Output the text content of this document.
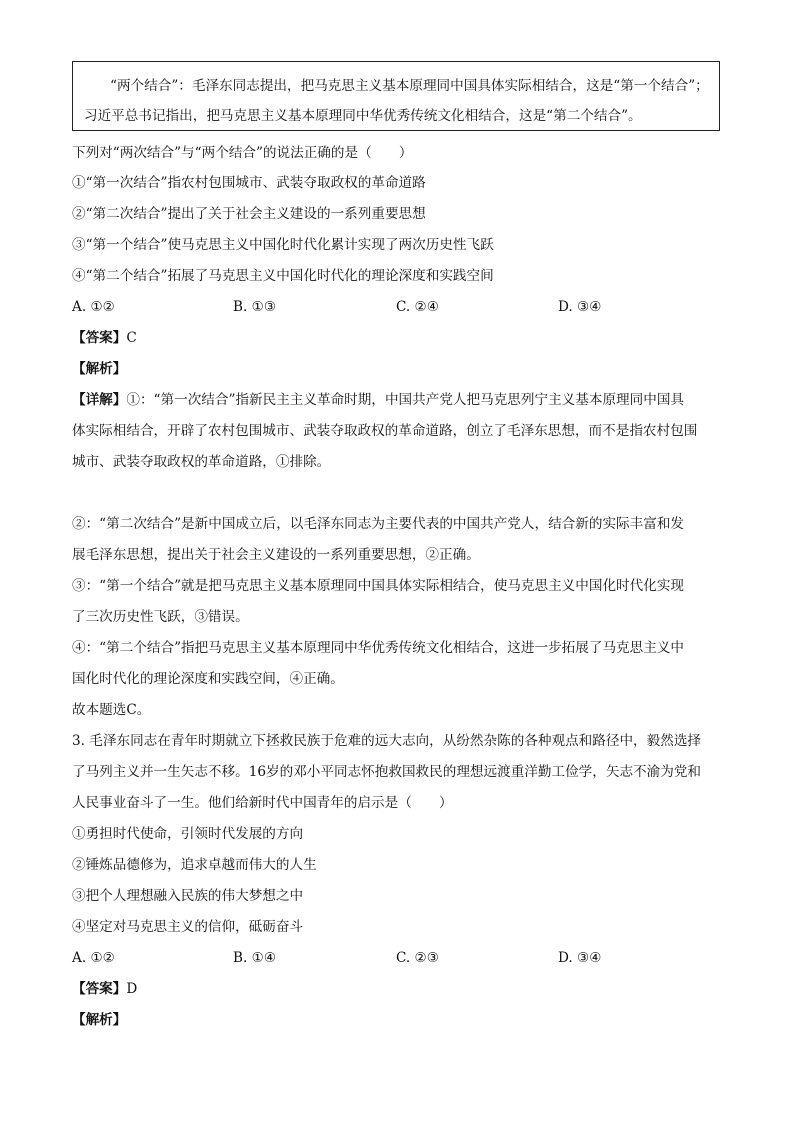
“两个结合”：毛泽东同志提出，把马克思主义基本原理同中国具体实际相结合，这是“第一个结合”；习近平总书记指出，把马克思主义基本原理同中华优秀传统文化相结合，这是“第二个结合”。
下列对“两次结合”与“两个结合”的说法正确的是（　　）
①“第一次结合”指农村包围城市、武装夺取政权的革命道路
②“第二次结合”提出了关于社会主义建设的一系列重要思想
③“第一个结合”使马克思主义中国化时代化累计实现了两次历史性飞跃
④“第二个结合”拓展了马克思主义中国化时代化的理论深度和实践空间
A. ①②	B. ①③	C. ②④	D. ③④
【答案】C
【解析】
【详解】①：“第一次结合”指新民主主义革命时期，中国共产党人把马克思列宁主义基本原理同中国具
体实际相结合，开辟了农村包围城市、武装夺取政权的革命道路，创立了毛泽东思想，而不是指农村包围
城市、武装夺取政权的革命道路，①排除。
②：“第二次结合”是新中国成立后，以毛泽东同志为主要代表的中国共产党人，结合新的实际丰富和发
展毛泽东思想，提出关于社会主义建设的一系列重要思想，②正确。
③：“第一个结合”就是把马克思主义基本原理同中国具体实际相结合，使马克思主义中国化时代化实现
了三次历史性飞跃，③错误。
④：“第二个结合”指把马克思主义基本原理同中华优秀传统文化相结合，这进一步拓展了马克思主义中
国化时代化的理论深度和实践空间，④正确。
故本题选C。
3. 毛泽东同志在青年时期就立下拯救民族于危难的远大志向，从纷然杂陈的各种观点和路径中，毅然选择
了马列主义并一生矢志不移。16岁的邓小平同志怀抱救国救民的理想远渡重洋勤工俭学，矢志不渝为党和
人民事业奋斗了一生。他们给新时代中国青年的启示是（　　）
①勇担时代使命，引领时代发展的方向
②锤炼品德修为，追求卓越而伟大的人生
③把个人理想融入民族的伟大梦想之中
④坚定对马克思主义的信仰，砥砺奋斗
A. ①②	B. ①④	C. ②③	D. ③④
【答案】D
【解析】
